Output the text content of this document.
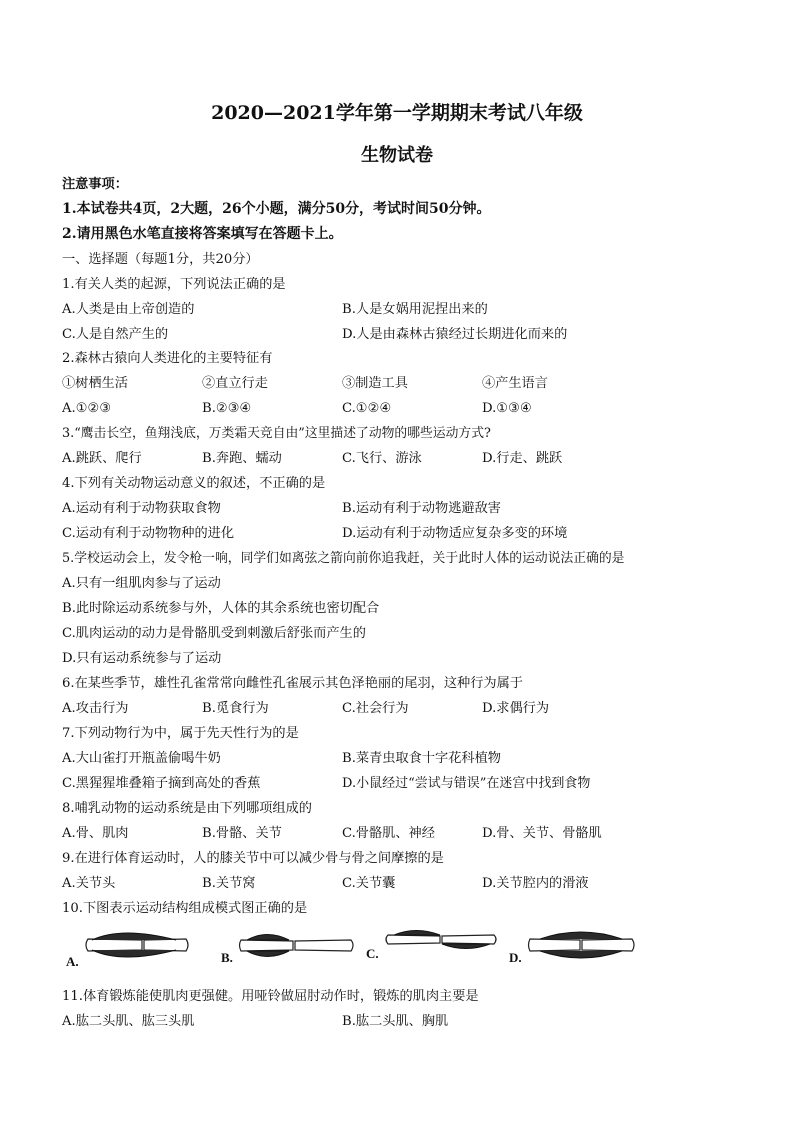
2020—2021学年第一学期期末考试八年级
生物试卷
注意事项：
1.本试卷共4页，2大题，26个小题，满分50分，考试时间50分钟。
2.请用黑色水笔直接将答案填写在答题卡上。
一、选择题（每题1分，共20分）
1.有关人类的起源，下列说法正确的是
A.人类是由上帝创造的	B.人是女娲用泥捏出来的
C.人是自然产生的	D.人是由森林古猿经过长期进化而来的
2.森林古猿向人类进化的主要特征有
①树栖生活	②直立行走	③制造工具	④产生语言
A.①②③	B.②③④	C.①②④	D.①③④
3.“鹰击长空，鱼翔浅底，万类霜天竞自由”这里描述了动物的哪些运动方式?
A.跳跃、爬行	B.奔跑、蠕动	C.飞行、游泳	D.行走、跳跃
4.下列有关动物运动意义的叙述，不正确的是
A.运动有利于动物获取食物	B.运动有利于动物逃避敌害
C.运动有利于动物物种的进化	D.运动有利于动物适应复杂多变的环境
5.学校运动会上，发令枪一响，同学们如离弦之箭向前你追我赶，关于此时人体的运动说法正确的是
A.只有一组肌肉参与了运动
B.此时除运动系统参与外，人体的其余系统也密切配合
C.肌肉运动的动力是骨骼肌受到刺激后舒张而产生的
D.只有运动系统参与了运动
6.在某些季节，雄性孔雀常常向雌性孔雀展示其色泽艳丽的尾羽，这种行为属于
A.攻击行为	B.觅食行为	C.社会行为	D.求偶行为
7.下列动物行为中，属于先天性行为的是
A.大山雀打开瓶盖偷喝牛奶	B.菜青虫取食十字花科植物
C.黑猩猩堆叠箱子摘到高处的香蕉	D.小鼠经过“尝试与错误”在迷宫中找到食物
8.哺乳动物的运动系统是由下列哪项组成的
A.骨、肌肉	B.骨骼、关节	C.骨骼肌、神经	D.骨、关节、骨骼肌
9.在进行体育运动时，人的膝关节中可以减少骨与骨之间摩擦的是
A.关节头	B.关节窝	C.关节囊	D.关节腔内的滑液
10.下图表示运动结构组成模式图正确的是
A.	B.	C.	D.
11.体育锻炼能使肌肉更强健。用哑铃做屈肘动作时，锻炼的肌肉主要是
A.肱二头肌、肱三头肌	B.肱二头肌、胸肌
